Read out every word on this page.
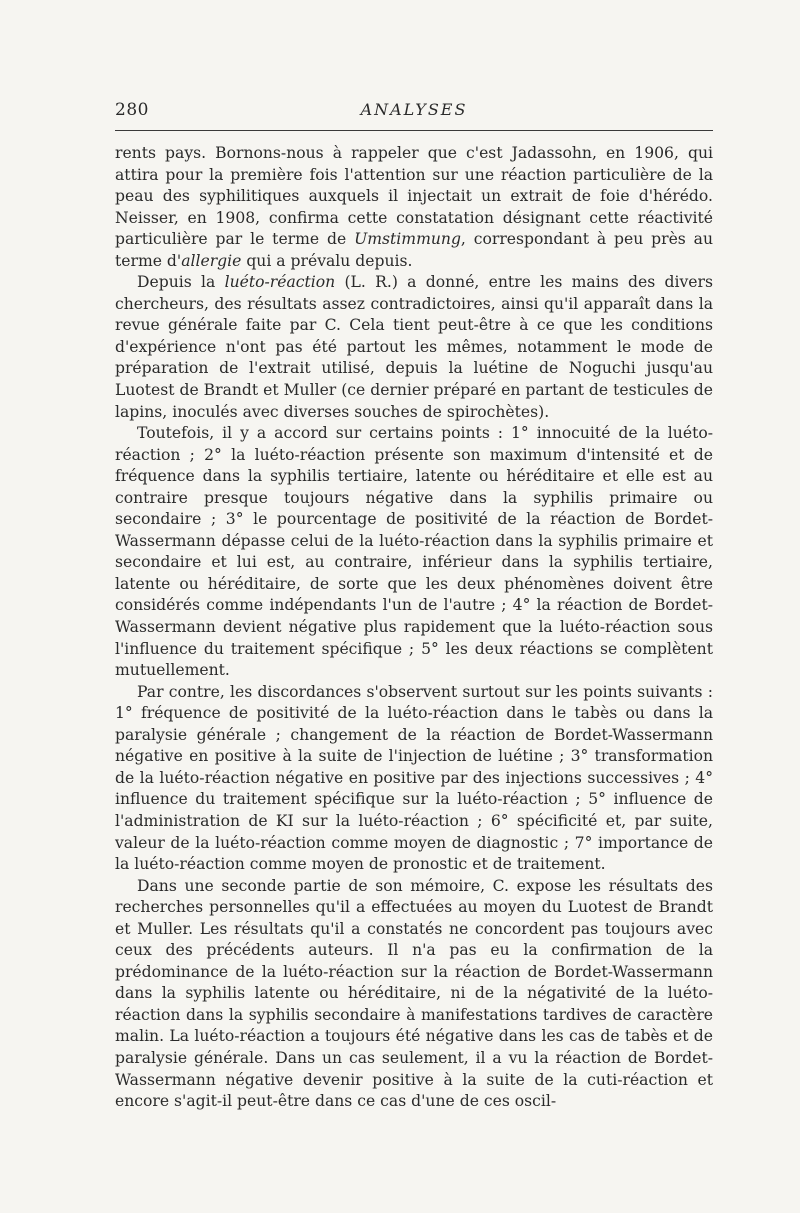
280	ANALYSES

rents pays. Bornons-nous à rappeler que c'est Jadassohn, en 1906, qui attira pour la première fois l'attention sur une réaction particulière de la peau des syphilitiques auxquels il injectait un extrait de foie d'hérédo. Neisser, en 1908, confirma cette constatation désignant cette réactivité particulière par le terme de Umstimmung, correspondant à peu près au terme d'allergie qui a prévalu depuis.

Depuis la luéto-réaction (L. R.) a donné, entre les mains des divers chercheurs, des résultats assez contradictoires, ainsi qu'il apparaît dans la revue générale faite par C. Cela tient peut-être à ce que les conditions d'expérience n'ont pas été partout les mêmes, notamment le mode de préparation de l'extrait utilisé, depuis la luétine de Noguchi jusqu'au Luotest de Brandt et Muller (ce dernier préparé en partant de testicules de lapins, inoculés avec diverses souches de spirochètes).

Toutefois, il y a accord sur certains points : 1° innocuité de la luéto-réaction ; 2° la luéto-réaction présente son maximum d'intensité et de fréquence dans la syphilis tertiaire, latente ou héréditaire et elle est au contraire presque toujours négative dans la syphilis primaire ou secondaire ; 3° le pourcentage de positivité de la réaction de Bordet-Wassermann dépasse celui de la luéto-réaction dans la syphilis primaire et secondaire et lui est, au contraire, inférieur dans la syphilis tertiaire, latente ou héréditaire, de sorte que les deux phénomènes doivent être considérés comme indépendants l'un de l'autre ; 4° la réaction de Bordet-Wassermann devient négative plus rapidement que la luéto-réaction sous l'influence du traitement spécifique ; 5° les deux réactions se complètent mutuellement.

Par contre, les discordances s'observent surtout sur les points suivants : 1° fréquence de positivité de la luéto-réaction dans le tabès ou dans la paralysie générale ; changement de la réaction de Bordet-Wassermann négative en positive à la suite de l'injection de luétine ; 3° transformation de la luéto-réaction négative en positive par des injections successives ; 4° influence du traitement spécifique sur la luéto-réaction ; 5° influence de l'administration de KI sur la luéto-réaction ; 6° spécificité et, par suite, valeur de la luéto-réaction comme moyen de diagnostic ; 7° importance de la luéto-réaction comme moyen de pronostic et de traitement.

Dans une seconde partie de son mémoire, C. expose les résultats des recherches personnelles qu'il a effectuées au moyen du Luotest de Brandt et Muller. Les résultats qu'il a constatés ne concordent pas toujours avec ceux des précédents auteurs. Il n'a pas eu la confirmation de la prédominance de la luéto-réaction sur la réaction de Bordet-Wassermann dans la syphilis latente ou héréditaire, ni de la négativité de la luéto-réaction dans la syphilis secondaire à manifestations tardives de caractère malin. La luéto-réaction a toujours été négative dans les cas de tabès et de paralysie générale. Dans un cas seulement, il a vu la réaction de Bordet-Wassermann négative devenir positive à la suite de la cuti-réaction et encore s'agit-il peut-être dans ce cas d'une de ces oscil-
